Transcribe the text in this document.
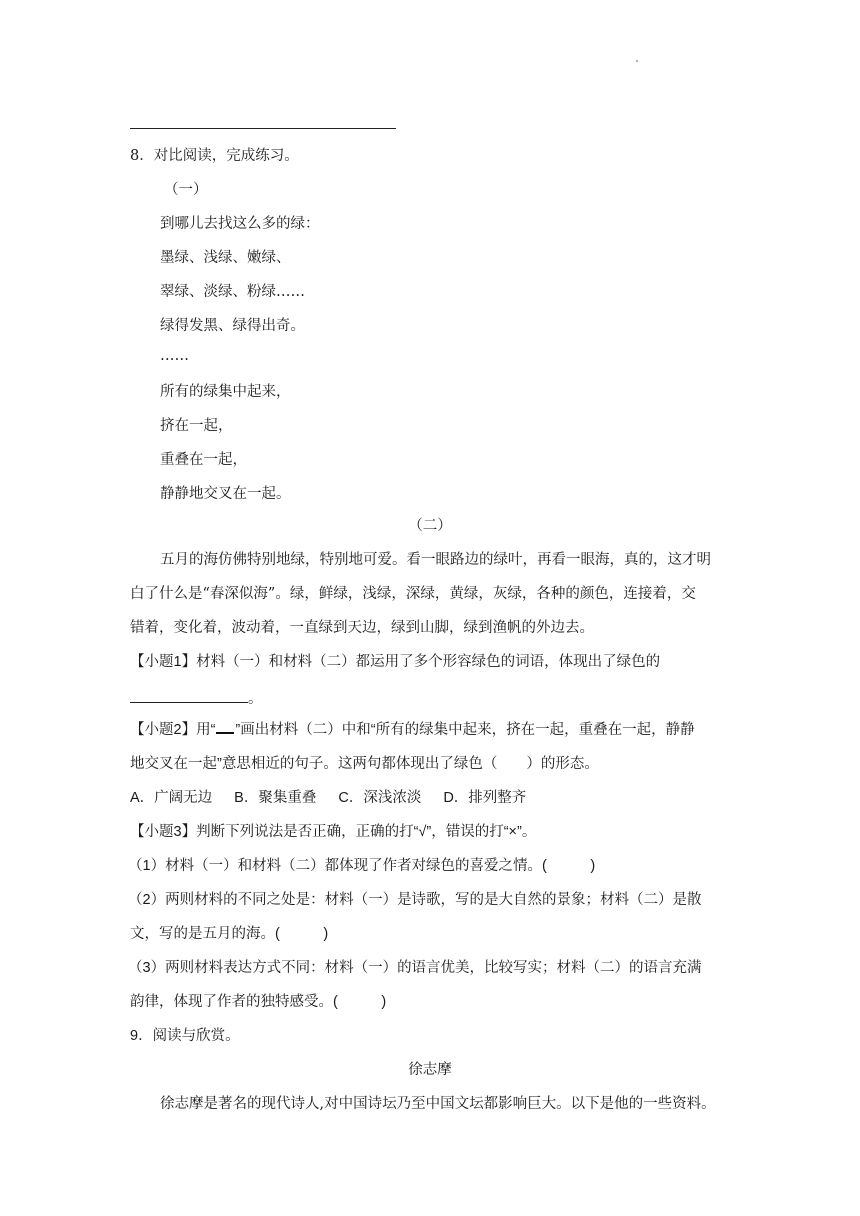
8．对比阅读，完成练习。
（一）
到哪儿去找这么多的绿：
墨绿、浅绿、嫩绿、
翠绿、淡绿、粉绿……
绿得发黑、绿得出奇。
……
所有的绿集中起来，
挤在一起，
重叠在一起，
静静地交叉在一起。
（二）
五月的海仿佛特别地绿，特别地可爱。看一眼路边的绿叶，再看一眼海，真的，这才明
白了什么是“春深似海”。绿，鲜绿，浅绿，深绿，黄绿，灰绿，各种的颜色，连接着，交
错着，变化着，波动着，一直绿到天边，绿到山脚，绿到渔帆的外边去。
【小题1】材料（一）和材料（二）都运用了多个形容绿色的词语，体现出了绿色的
。
【小题2】用“ ”画出材料（二）中和“所有的绿集中起来，挤在一起，重叠在一起，静静
地交叉在一起”意思相近的句子。这两句都体现出了绿色（　　）的形态。
A．广阔无边 B．聚集重叠 C．深浅浓淡 D．排列整齐
【小题3】判断下列说法是否正确，正确的打“√”，错误的打“×”。
（1）材料（一）和材料（二）都体现了作者对绿色的喜爱之情。(　　　)
（2）两则材料的不同之处是：材料（一）是诗歌，写的是大自然的景象；材料（二）是散
文，写的是五月的海。(　　　)
（3）两则材料表达方式不同：材料（一）的语言优美，比较写实；材料（二）的语言充满
韵律，体现了作者的独特感受。(　　　)
9．阅读与欣赏。
徐志摩
徐志摩是著名的现代诗人,对中国诗坛乃至中国文坛都影响巨大。以下是他的一些资料。
